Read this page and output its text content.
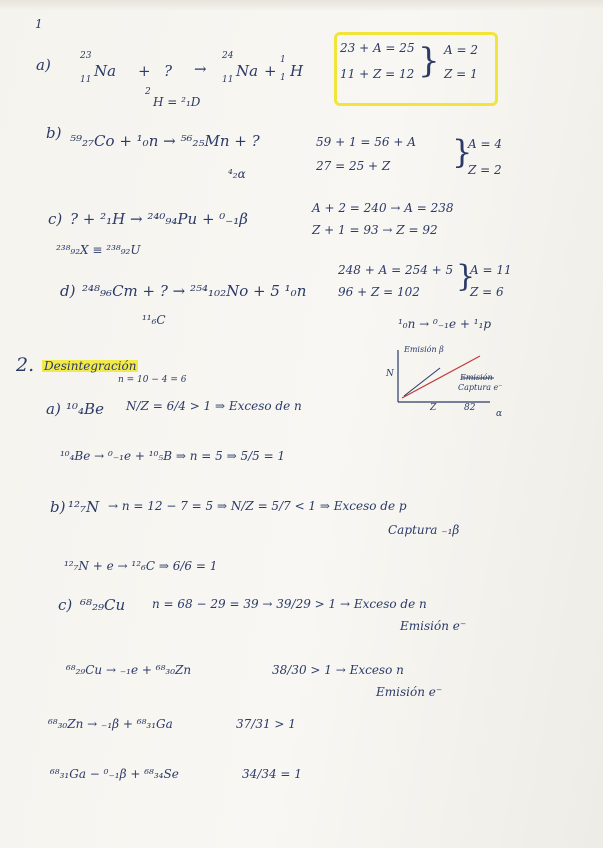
1
a)	23
11 Na + ? →
24
11 Na +
1
1 H
2
H = ²₁D
23 + A = 25
11 + Z = 12 } A = 2
Z = 1
b) ⁵⁹₂₇Co + ¹₀n → ⁵⁶₂₅Mn + ?
⁴₂α
59 + 1 = 56 + A
27 = 25 + Z }
A = 4
Z = 2
c) ? + ²₁H → ²⁴⁰₉₄Pu + ⁰₋₁β
A + 2 = 240 → A = 238
Z + 1 = 93 → Z = 92
²³⁸₉₂X ≡ ²³⁸₉₂U
d) ²⁴⁸₉₆Cm + ? → ²⁵⁴₁₀₂No + 5 ¹₀n
¹¹₆C
248 + A = 254 + 5
96 + Z = 102 }
A = 11
Z = 6
¹₀n → ⁰₋₁e + ¹₁p
N
Emisión β
Emisión
Captura e⁻
Z	82
α
2. Desintegración
n = 10 − 4 = 6
a) ¹⁰₄Be N/Z = 6/4 > 1 ⇒ Exceso de n
¹⁰₄Be → ⁰₋₁e + ¹⁰₅B ⇒ n = 5 ⇒ 5/5 = 1
b) ¹²₇N → n = 12 − 7 = 5 ⇒ N/Z = 5/7 < 1 ⇒ Exceso de p
Captura ₋₁β
¹²₇N + e → ¹²₆C ⇒ 6/6 = 1
c) ⁶⁸₂₉Cu n = 68 − 29 = 39 → 39/29 > 1 → Exceso de n
Emisión e⁻
⁶⁸₂₉Cu → ₋₁e + ⁶⁸₃₀Zn	38/30 > 1 → Exceso n
Emisión e⁻
⁶⁸₃₀Zn → ₋₁β + ⁶⁸₃₁Ga	37/31 > 1
⁶⁸₃₁Ga − ⁰₋₁β + ⁶⁸₃₄Se	34/34 = 1
